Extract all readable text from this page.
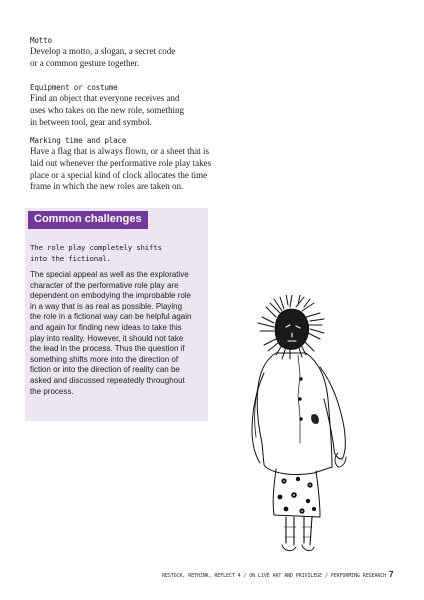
Motto
Develop a motto, a slogan, a secret code
or a common gesture together.
Equipment or costume
Find an object that everyone receives and
uses who takes on the new role, something
in between tool, gear and symbol.
Marking time and place
Have a flag that is always flown, or a sheet that is
laid out whenever the performative role play takes
place or a special kind of clock allocates the time
frame in which the new roles are taken on.
Common challenges
The role play completely shifts
into the fictional.
The special appeal as well as the explorative
character of the performative role play are
dependent on embodying the improbable role
in a way that is as real as possible. Playing
the role in a fictional way can be helpful again
and again for finding new ideas to take this
play into reality. However, it should not take
the lead in the process. Thus the question if
something shifts more into the direction of
fiction or into the direction of reality can be
asked and discussed repeatedly throughout
the process.
RESTOCK, RETHINK, REFLECT 4 / ON LIVE ART AND PRIVILEGE / PERFORMING RESEARCH 7
